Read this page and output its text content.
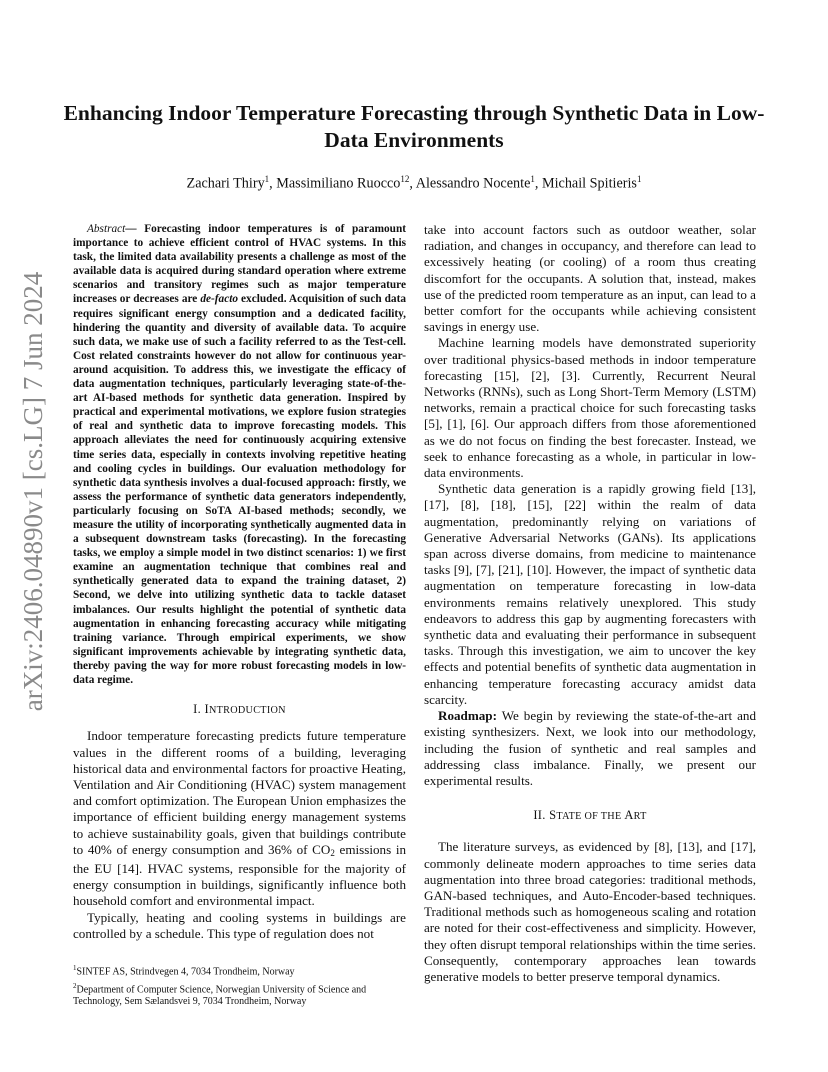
arXiv:2406.04890v1 [cs.LG] 7 Jun 2024
Enhancing Indoor Temperature Forecasting through Synthetic Data in Low-Data Environments
Zachari Thiry$^1$, Massimiliano Ruocco$^{12}$, Alessandro Nocente$^1$, Michail Spitieris$^1$

Abstract— Forecasting indoor temperatures is of paramount importance to achieve efficient control of HVAC systems. In this task, the limited data availability presents a challenge as most of the available data is acquired during standard operation where extreme scenarios and transitory regimes such as major temperature increases or decreases are de-facto excluded. Acquisition of such data requires significant energy consumption and a dedicated facility, hindering the quantity and diversity of available data. To acquire such data, we make use of such a facility referred to as the Test-cell. Cost related constraints however do not allow for continuous year-around acquisition. To address this, we investigate the efficacy of data augmentation techniques, particularly leveraging state-of-the-art AI-based methods for synthetic data generation. Inspired by practical and experimental motivations, we explore fusion strategies of real and synthetic data to improve forecasting models. This approach alleviates the need for continuously acquiring extensive time series data, especially in contexts involving repetitive heating and cooling cycles in buildings. Our evaluation methodology for synthetic data synthesis involves a dual-focused approach: firstly, we assess the performance of synthetic data generators independently, particularly focusing on SoTA AI-based methods; secondly, we measure the utility of incorporating synthetically augmented data in a subsequent downstream tasks (forecasting). In the forecasting tasks, we employ a simple model in two distinct scenarios: 1) we first examine an augmentation technique that combines real and synthetically generated data to expand the training dataset, 2) Second, we delve into utilizing synthetic data to tackle dataset imbalances. Our results highlight the potential of synthetic data augmentation in enhancing forecasting accuracy while mitigating training variance. Through empirical experiments, we show significant improvements achievable by integrating synthetic data, thereby paving the way for more robust forecasting models in low-data regime.

I. INTRODUCTION

Indoor temperature forecasting predicts future temperature values in the different rooms of a building, leveraging historical data and environmental factors for proactive Heating, Ventilation and Air Conditioning (HVAC) system management and comfort optimization. The European Union emphasizes the importance of efficient building energy management systems to achieve sustainability goals, given that buildings contribute to 40% of energy consumption and 36% of $CO_2$ emissions in the EU [14]. HVAC systems, responsible for the majority of energy consumption in buildings, significantly influence both household comfort and environmental impact.

Typically, heating and cooling systems in buildings are controlled by a schedule. This type of regulation does not

$^1$SINTEF AS, Strindvegen 4, 7034 Trondheim, Norway

$^2$Department of Computer Science, Norwegian University of Science and Technology, Sem Sælandsvei 9, 7034 Trondheim, Norway

take into account factors such as outdoor weather, solar radiation, and changes in occupancy, and therefore can lead to excessively heating (or cooling) of a room thus creating discomfort for the occupants. A solution that, instead, makes use of the predicted room temperature as an input, can lead to a better comfort for the occupants while achieving consistent savings in energy use.

Machine learning models have demonstrated superiority over traditional physics-based methods in indoor temperature forecasting [15], [2], [3]. Currently, Recurrent Neural Networks (RNNs), such as Long Short-Term Memory (LSTM) networks, remain a practical choice for such forecasting tasks [5], [1], [6]. Our approach differs from those aforementioned as we do not focus on finding the best forecaster. Instead, we seek to enhance forecasting as a whole, in particular in low-data environments.

Synthetic data generation is a rapidly growing field [13], [17], [8], [18], [15], [22] within the realm of data augmentation, predominantly relying on variations of Generative Adversarial Networks (GANs). Its applications span across diverse domains, from medicine to maintenance tasks [9], [7], [21], [10]. However, the impact of synthetic data augmentation on temperature forecasting in low-data environments remains relatively unexplored. This study endeavors to address this gap by augmenting forecasters with synthetic data and evaluating their performance in subsequent tasks. Through this investigation, we aim to uncover the key effects and potential benefits of synthetic data augmentation in enhancing temperature forecasting accuracy amidst data scarcity.

Roadmap: We begin by reviewing the state-of-the-art and existing synthesizers. Next, we look into our methodology, including the fusion of synthetic and real samples and addressing class imbalance. Finally, we present our experimental results.

II. STATE OF THE ART

The literature surveys, as evidenced by [8], [13], and [17], commonly delineate modern approaches to time series data augmentation into three broad categories: traditional methods, GAN-based techniques, and Auto-Encoder-based techniques. Traditional methods such as homogeneous scaling and rotation are noted for their cost-effectiveness and simplicity. However, they often disrupt temporal relationships within the time series. Consequently, contemporary approaches lean towards generative models to better preserve temporal dynamics.
